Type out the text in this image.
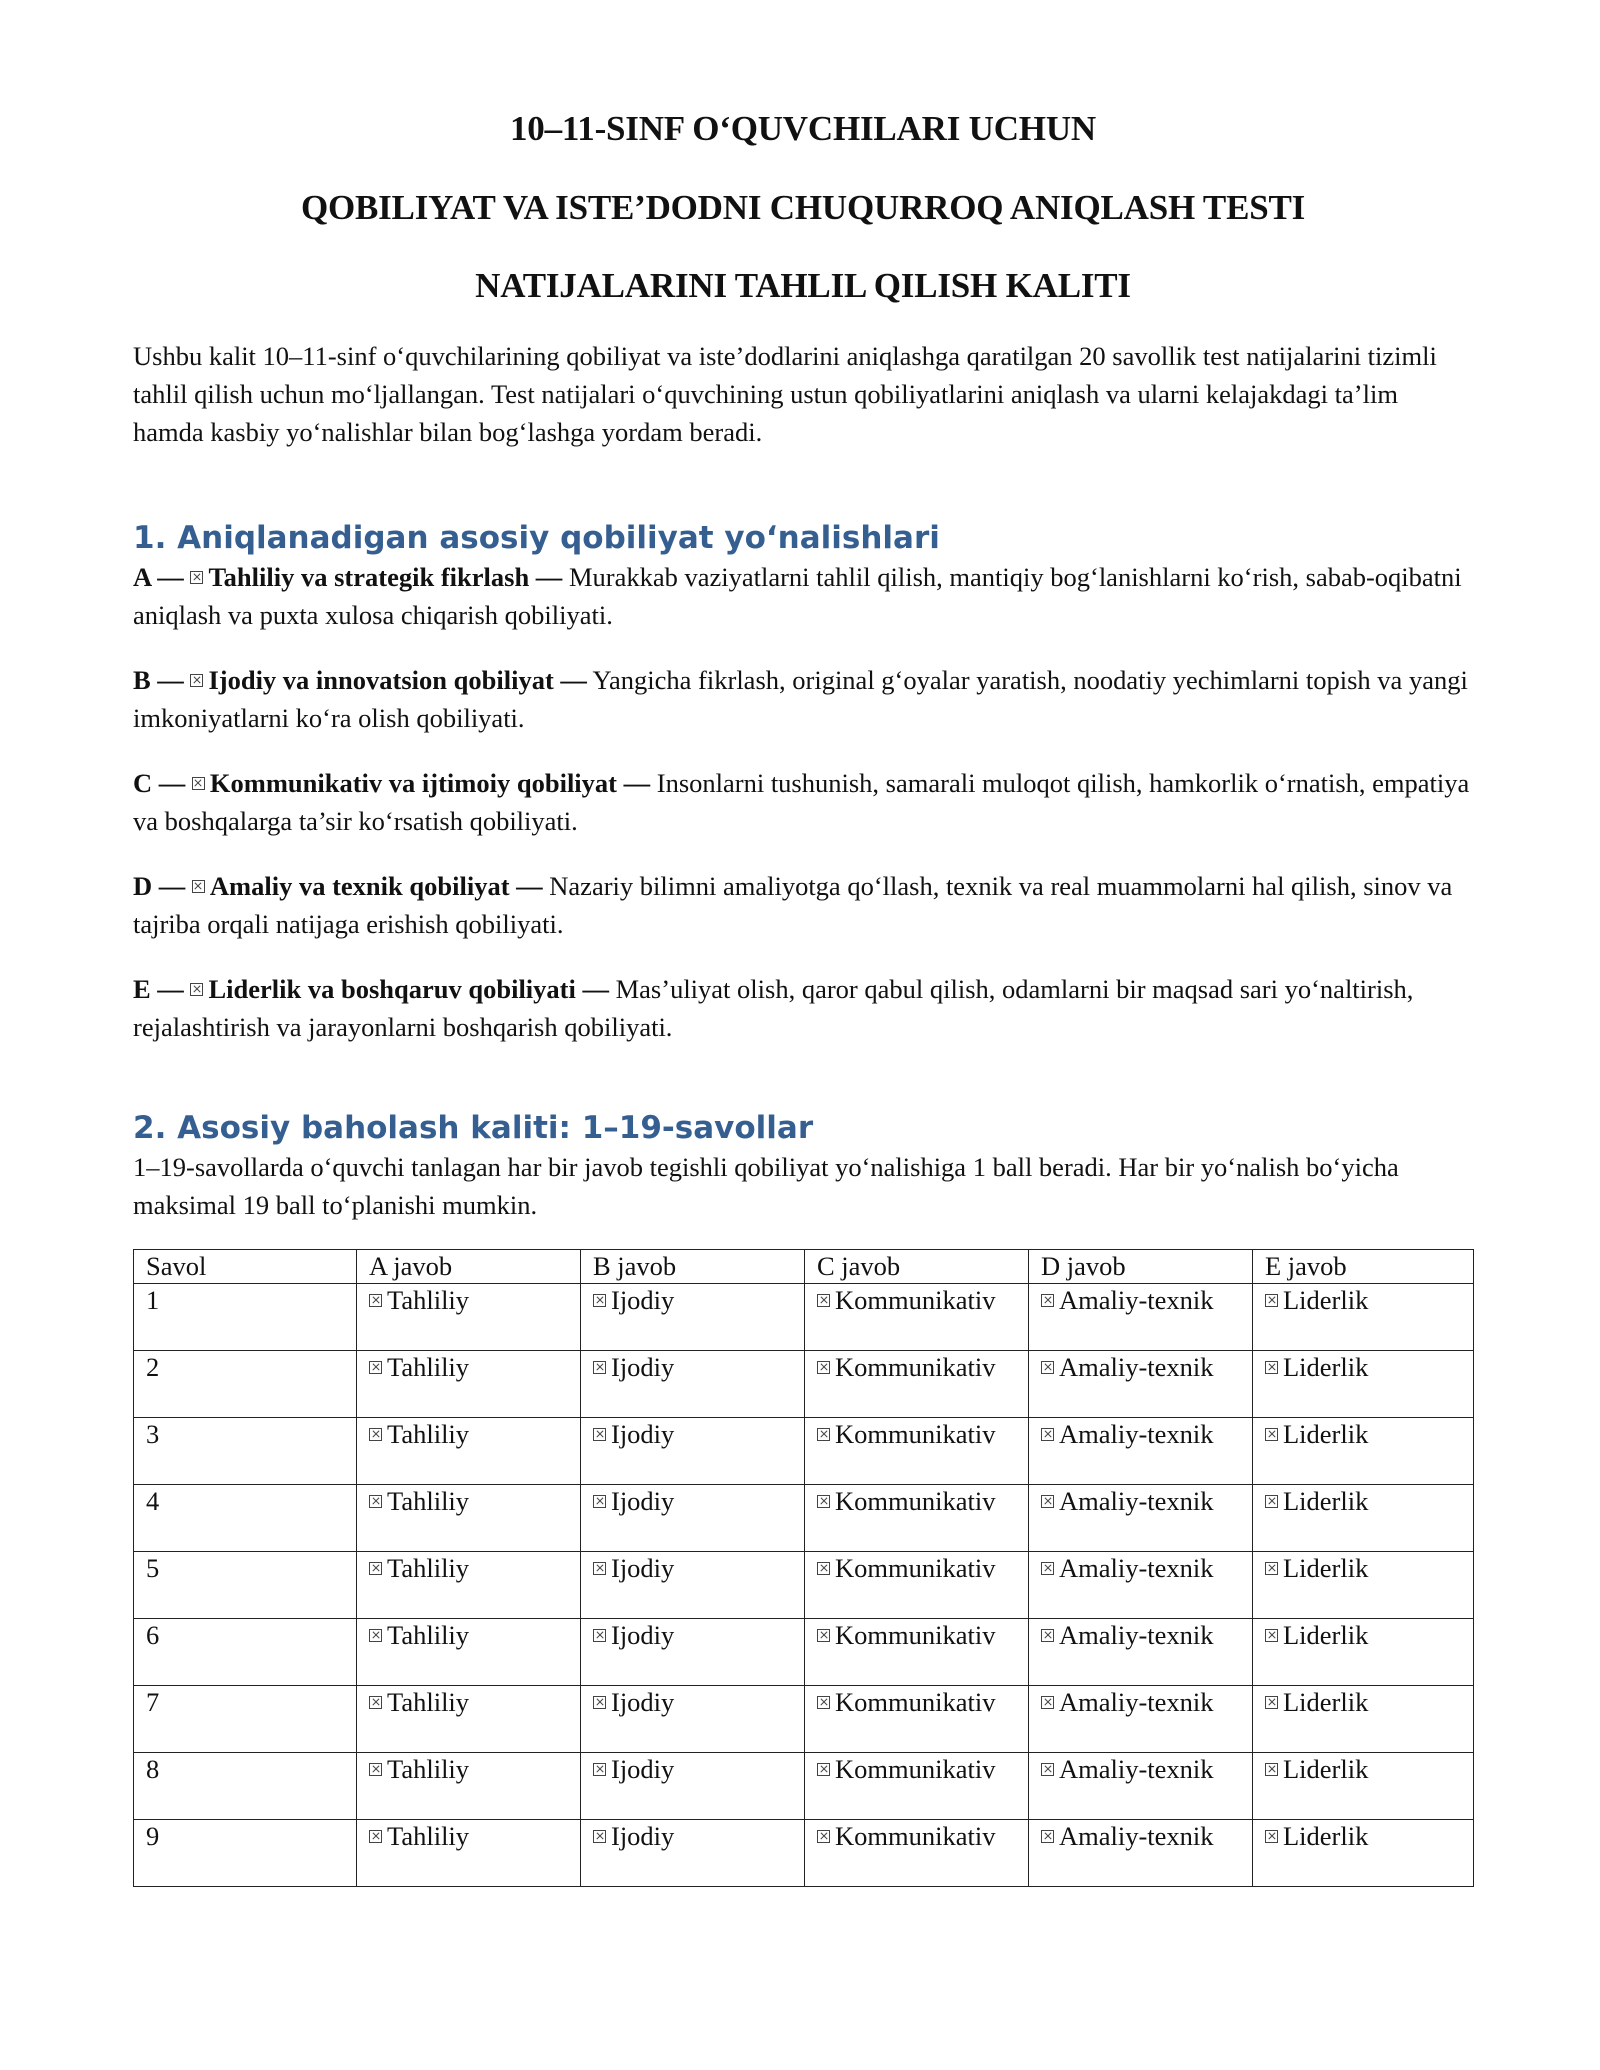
10–11-SINF O‘QUVCHILARI UCHUN

QOBILIYAT VA ISTE’DODNI CHUQURROQ ANIQLASH TESTI

NATIJALARINI TAHLIL QILISH KALITI

Ushbu kalit 10–11-sinf o‘quvchilarining qobiliyat va iste’dodlarini aniqlashga qaratilgan 20 savollik test natijalarini tizimli tahlil qilish uchun mo‘ljallangan. Test natijalari o‘quvchining ustun qobiliyatlarini aniqlash va ularni kelajakdagi ta’lim hamda kasbiy yo‘nalishlar bilan bog‘lashga yordam beradi.

1. Aniqlanadigan asosiy qobiliyat yo‘nalishlari

A — Tahliliy va strategik fikrlash — Murakkab vaziyatlarni tahlil qilish, mantiqiy bog‘lanishlarni ko‘rish, sabab-oqibatni aniqlash va puxta xulosa chiqarish qobiliyati.

B — Ijodiy va innovatsion qobiliyat — Yangicha fikrlash, original g‘oyalar yaratish, noodatiy yechimlarni topish va yangi imkoniyatlarni ko‘ra olish qobiliyati.

C — Kommunikativ va ijtimoiy qobiliyat — Insonlarni tushunish, samarali muloqot qilish, hamkorlik o‘rnatish, empatiya va boshqalarga ta’sir ko‘rsatish qobiliyati.

D — Amaliy va texnik qobiliyat — Nazariy bilimni amaliyotga qo‘llash, texnik va real muammolarni hal qilish, sinov va tajriba orqali natijaga erishish qobiliyati.

E — Liderlik va boshqaruv qobiliyati — Mas’uliyat olish, qaror qabul qilish, odamlarni bir maqsad sari yo‘naltirish, rejalashtirish va jarayonlarni boshqarish qobiliyati.

2. Asosiy baholash kaliti: 1–19-savollar

1–19-savollarda o‘quvchi tanlagan har bir javob tegishli qobiliyat yo‘nalishiga 1 ball beradi. Har bir yo‘nalish bo‘yicha maksimal 19 ball to‘planishi mumkin.

Savol	A javob	B javob	C javob	D javob	E javob
1	Tahliliy	Ijodiy	Kommunikativ	Amaliy-texnik	Liderlik
2	Tahliliy	Ijodiy	Kommunikativ	Amaliy-texnik	Liderlik
3	Tahliliy	Ijodiy	Kommunikativ	Amaliy-texnik	Liderlik
4	Tahliliy	Ijodiy	Kommunikativ	Amaliy-texnik	Liderlik
5	Tahliliy	Ijodiy	Kommunikativ	Amaliy-texnik	Liderlik
6	Tahliliy	Ijodiy	Kommunikativ	Amaliy-texnik	Liderlik
7	Tahliliy	Ijodiy	Kommunikativ	Amaliy-texnik	Liderlik
8	Tahliliy	Ijodiy	Kommunikativ	Amaliy-texnik	Liderlik
9	Tahliliy	Ijodiy	Kommunikativ	Amaliy-texnik	Liderlik
